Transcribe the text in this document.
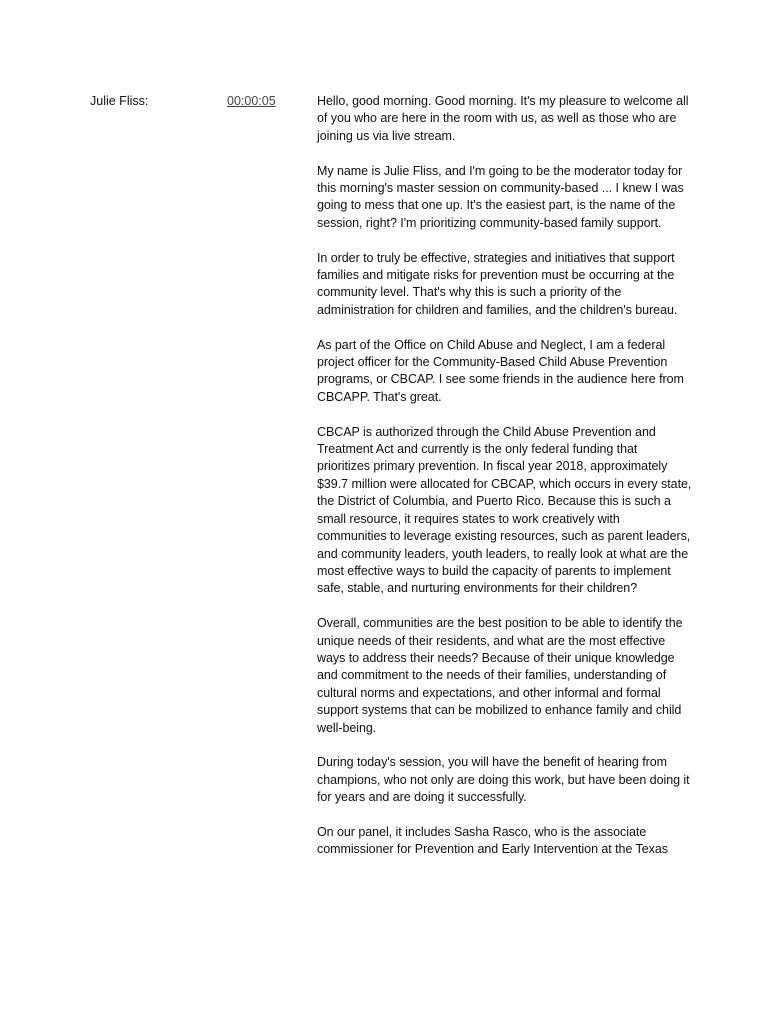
Julie Fliss:	00:00:05	Hello, good morning. Good morning. It's my pleasure to welcome all of you who are here in the room with us, as well as those who are joining us via live stream.

My name is Julie Fliss, and I'm going to be the moderator today for this morning's master session on community-based ... I knew I was going to mess that one up. It's the easiest part, is the name of the session, right? I'm prioritizing community-based family support.

In order to truly be effective, strategies and initiatives that support families and mitigate risks for prevention must be occurring at the community level. That's why this is such a priority of the administration for children and families, and the children's bureau.

As part of the Office on Child Abuse and Neglect, I am a federal project officer for the Community-Based Child Abuse Prevention programs, or CBCAP. I see some friends in the audience here from CBCAPP. That's great.

CBCAP is authorized through the Child Abuse Prevention and Treatment Act and currently is the only federal funding that prioritizes primary prevention. In fiscal year 2018, approximately $39.7 million were allocated for CBCAP, which occurs in every state, the District of Columbia, and Puerto Rico. Because this is such a small resource, it requires states to work creatively with communities to leverage existing resources, such as parent leaders, and community leaders, youth leaders, to really look at what are the most effective ways to build the capacity of parents to implement safe, stable, and nurturing environments for their children?

Overall, communities are the best position to be able to identify the unique needs of their residents, and what are the most effective ways to address their needs? Because of their unique knowledge and commitment to the needs of their families, understanding of cultural norms and expectations, and other informal and formal support systems that can be mobilized to enhance family and child well-being.

During today's session, you will have the benefit of hearing from champions, who not only are doing this work, but have been doing it for years and are doing it successfully.

On our panel, it includes Sasha Rasco, who is the associate commissioner for Prevention and Early Intervention at the Texas
